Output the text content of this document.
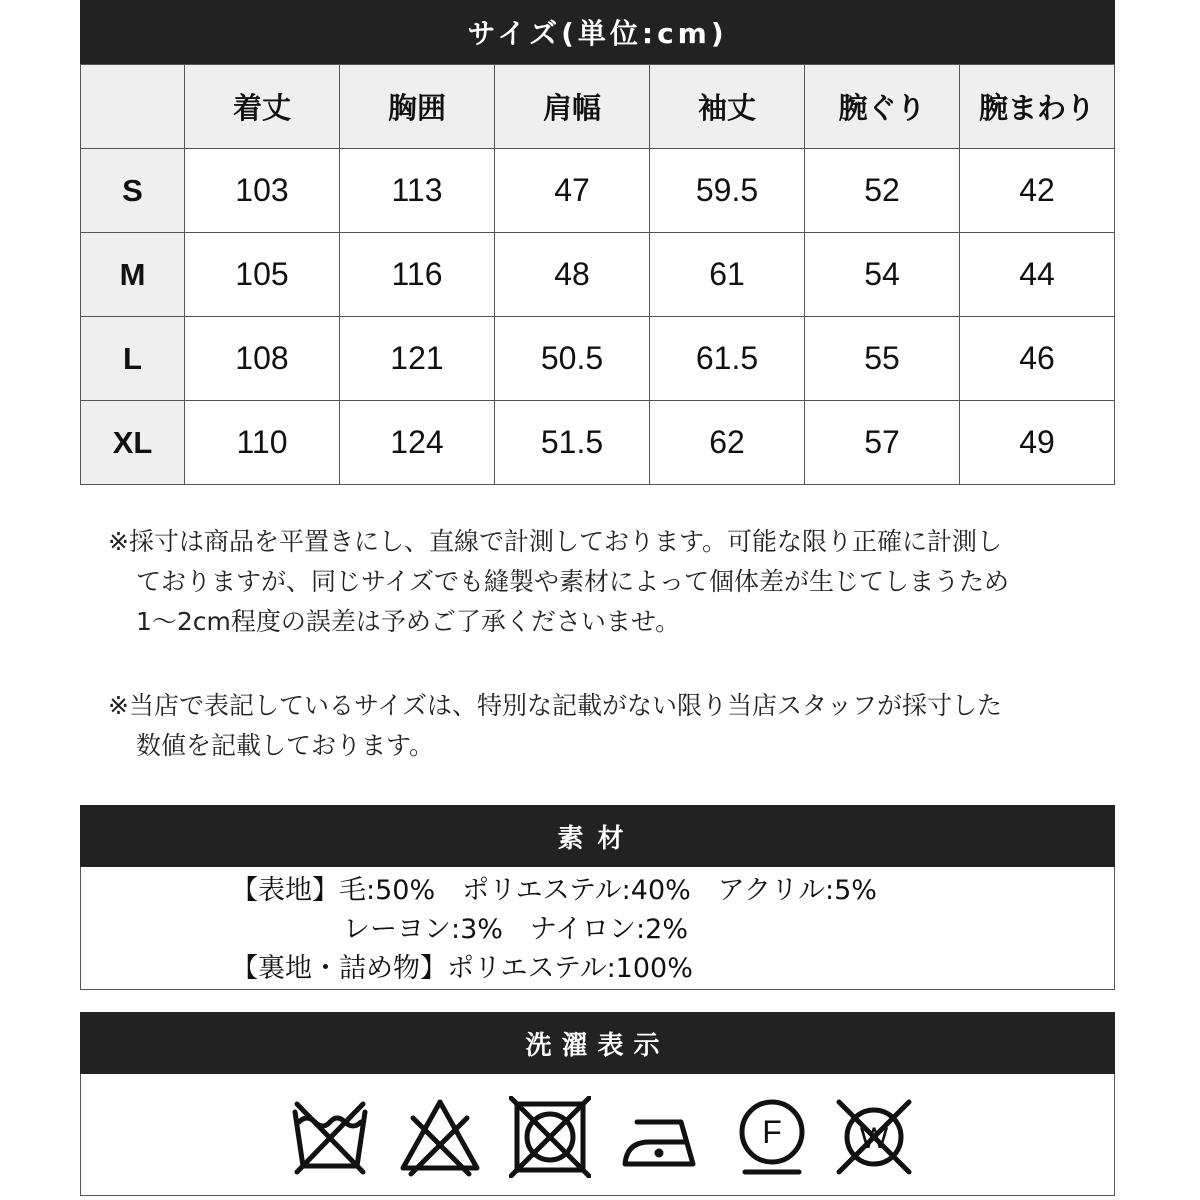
サイズ(単位:cm)
	着丈	胸囲	肩幅	袖丈	腕ぐり	腕まわり
S	103	113	47	59.5	52	42
M	105	116	48	61	54	44
L	108	121	50.5	61.5	55	46
XL	110	124	51.5	62	57	49
※採寸は商品を平置きにし、直線で計測しております。可能な限り正確に計測し
ておりますが、同じサイズでも縫製や素材によって個体差が生じてしまうため
1〜2cm程度の誤差は予めご了承くださいませ。
※当店で表記しているサイズは、特別な記載がない限り当店スタッフが採寸した
数値を記載しております。
素材
【表地】毛:50%　ポリエステル:40%　アクリル:5%
レーヨン:3%　ナイロン:2%
【裏地・詰め物】ポリエステル:100%
洗濯表示
F	W
